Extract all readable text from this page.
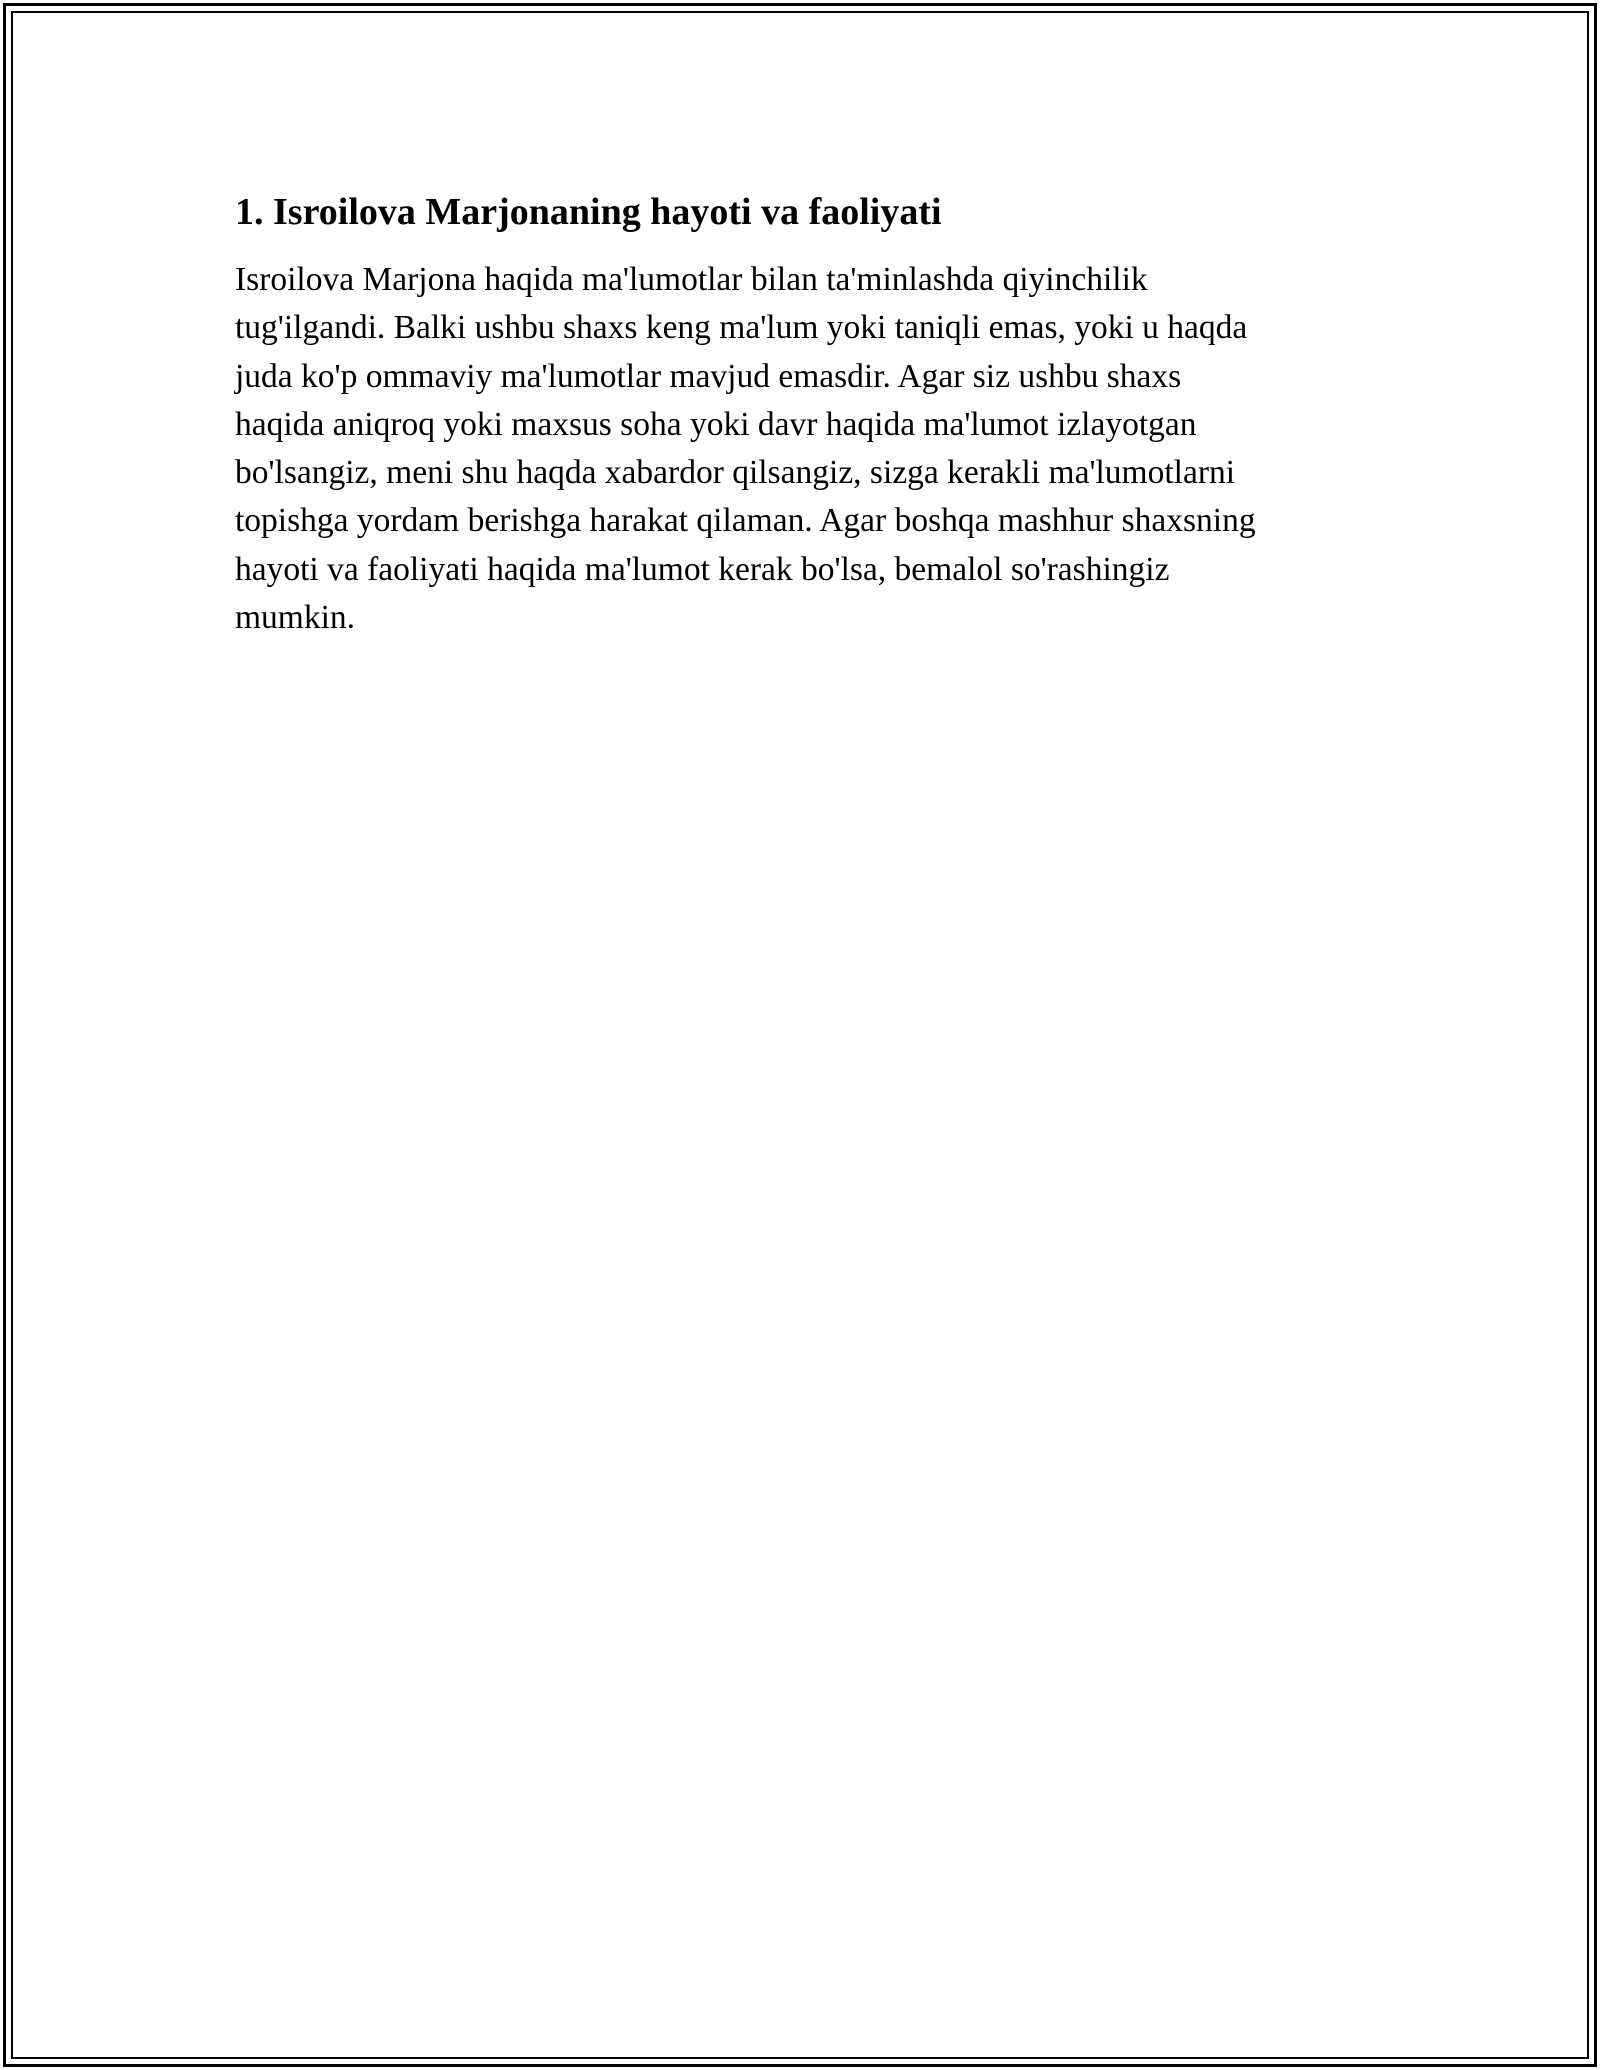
1. Isroilova Marjonaning hayoti va faoliyati

Isroilova Marjona haqida ma'lumotlar bilan ta'minlashda qiyinchilik
tug'ilgandi. Balki ushbu shaxs keng ma'lum yoki taniqli emas, yoki u haqda
juda ko'p ommaviy ma'lumotlar mavjud emasdir. Agar siz ushbu shaxs
haqida aniqroq yoki maxsus soha yoki davr haqida ma'lumot izlayotgan
bo'lsangiz, meni shu haqda xabardor qilsangiz, sizga kerakli ma'lumotlarni
topishga yordam berishga harakat qilaman. Agar boshqa mashhur shaxsning
hayoti va faoliyati haqida ma'lumot kerak bo'lsa, bemalol so'rashingiz
mumkin.
